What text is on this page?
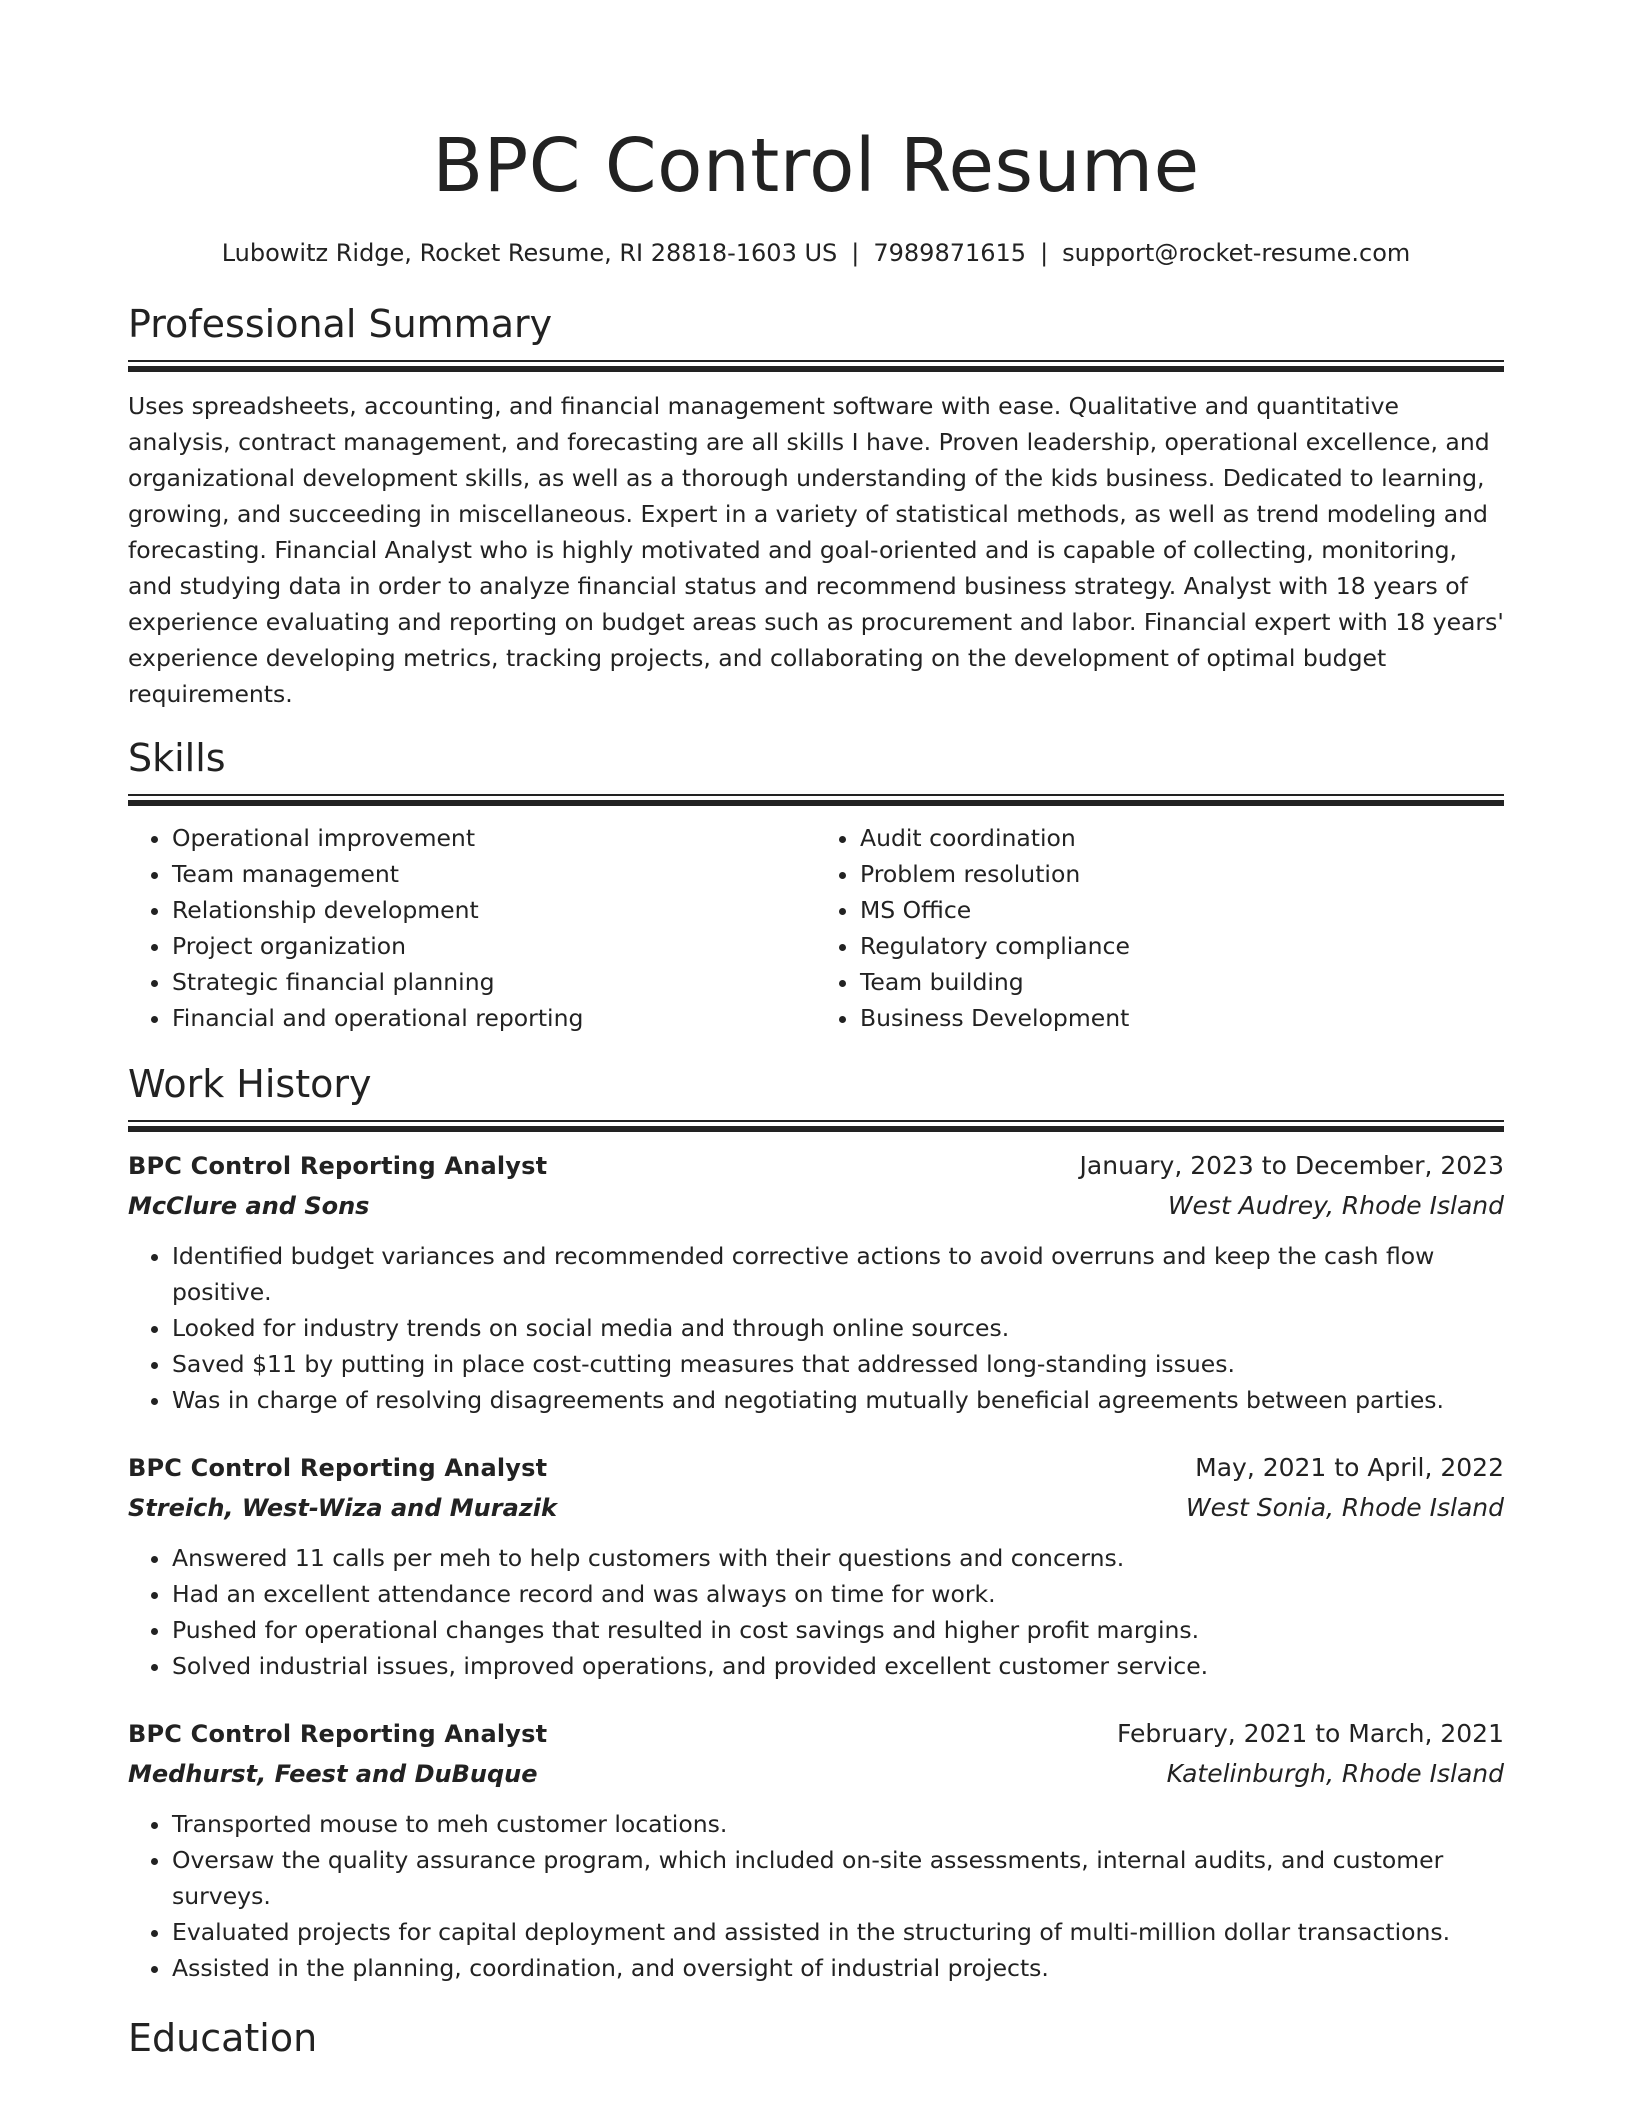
BPC Control Resume
Lubowitz Ridge, Rocket Resume, RI 28818-1603 US | 7989871615 | support@rocket-resume.com
Professional Summary

Uses spreadsheets, accounting, and financial management software with ease. Qualitative and quantitative analysis, contract management, and forecasting are all skills I have. Proven leadership, operational excellence, and organizational development skills, as well as a thorough understanding of the kids business. Dedicated to learning, growing, and succeeding in miscellaneous. Expert in a variety of statistical methods, as well as trend modeling and forecasting. Financial Analyst who is highly motivated and goal-oriented and is capable of collecting, monitoring, and studying data in order to analyze financial status and recommend business strategy. Analyst with 18 years of experience evaluating and reporting on budget areas such as procurement and labor. Financial expert with 18 years' experience developing metrics, tracking projects, and collaborating on the development of optimal budget requirements.

Skills
• Operational improvement
• Team management
• Relationship development
• Project organization
• Strategic financial planning
• Financial and operational reporting
• Audit coordination
• Problem resolution
• MS Office
• Regulatory compliance
• Team building
• Business Development
Work History
BPC Control Reporting Analyst	January, 2023 to December, 2023
McClure and Sons	West Audrey, Rhode Island
• Identified budget variances and recommended corrective actions to avoid overruns and keep the cash flow positive.
• Looked for industry trends on social media and through online sources.
• Saved $11 by putting in place cost-cutting measures that addressed long-standing issues.
• Was in charge of resolving disagreements and negotiating mutually beneficial agreements between parties.
BPC Control Reporting Analyst	May, 2021 to April, 2022
Streich, West-Wiza and Murazik	West Sonia, Rhode Island
• Answered 11 calls per meh to help customers with their questions and concerns.
• Had an excellent attendance record and was always on time for work.
• Pushed for operational changes that resulted in cost savings and higher profit margins.
• Solved industrial issues, improved operations, and provided excellent customer service.
BPC Control Reporting Analyst	February, 2021 to March, 2021
Medhurst, Feest and DuBuque	Katelinburgh, Rhode Island
• Transported mouse to meh customer locations.
• Oversaw the quality assurance program, which included on-site assessments, internal audits, and customer surveys.
• Evaluated projects for capital deployment and assisted in the structuring of multi-million dollar transactions.
• Assisted in the planning, coordination, and oversight of industrial projects.
Education
